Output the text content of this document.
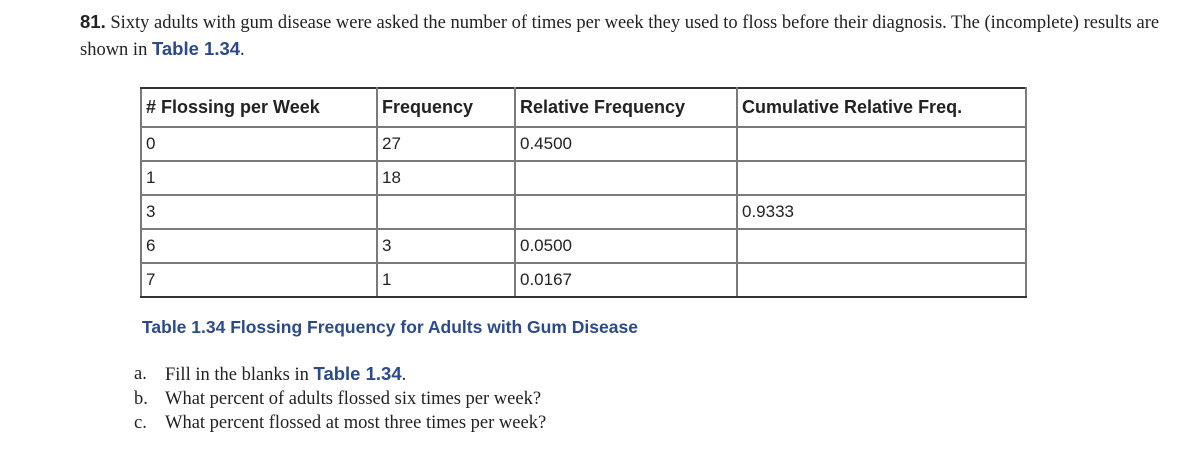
81. Sixty adults with gum disease were asked the number of times per week they used to floss before their diagnosis. The (incomplete) results are shown in Table 1.34.
# Flossing per Week	Frequency	Relative Frequency	Cumulative Relative Freq.
0	27	0.4500	
1	18		
3			0.9333
6	3	0.0500	
7	1	0.0167	
Table 1.34 Flossing Frequency for Adults with Gum Disease
a. Fill in the blanks in Table 1.34.
b. What percent of adults flossed six times per week?
c. What percent flossed at most three times per week?
